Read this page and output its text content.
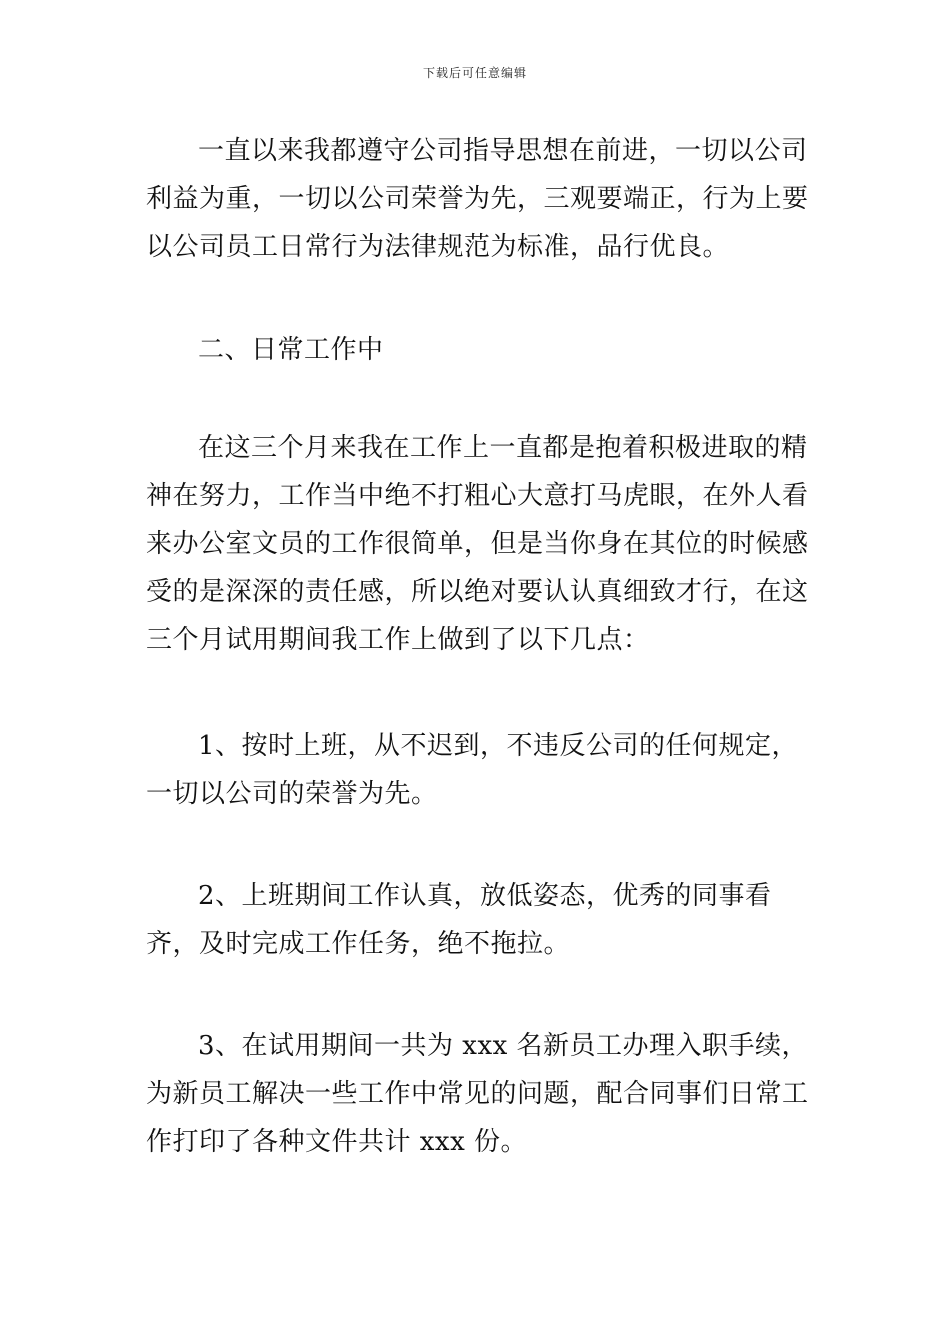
下载后可任意编辑

一直以来我都遵守公司指导思想在前进，一切以公司利益为重，一切以公司荣誉为先，三观要端正，行为上要以公司员工日常行为法律规范为标准，品行优良。

二、日常工作中

在这三个月来我在工作上一直都是抱着积极进取的精神在努力，工作当中绝不打粗心大意打马虎眼，在外人看来办公室文员的工作很简单，但是当你身在其位的时候感受的是深深的责任感，所以绝对要认认真细致才行，在这三个月试用期间我工作上做到了以下几点：

1、按时上班，从不迟到，不违反公司的任何规定，一切以公司的荣誉为先。

2、上班期间工作认真，放低姿态，优秀的同事看齐，及时完成工作任务，绝不拖拉。

3、在试用期间一共为 xxx 名新员工办理入职手续，为新员工解决一些工作中常见的问题，配合同事们日常工作打印了各种文件共计 xxx 份。
